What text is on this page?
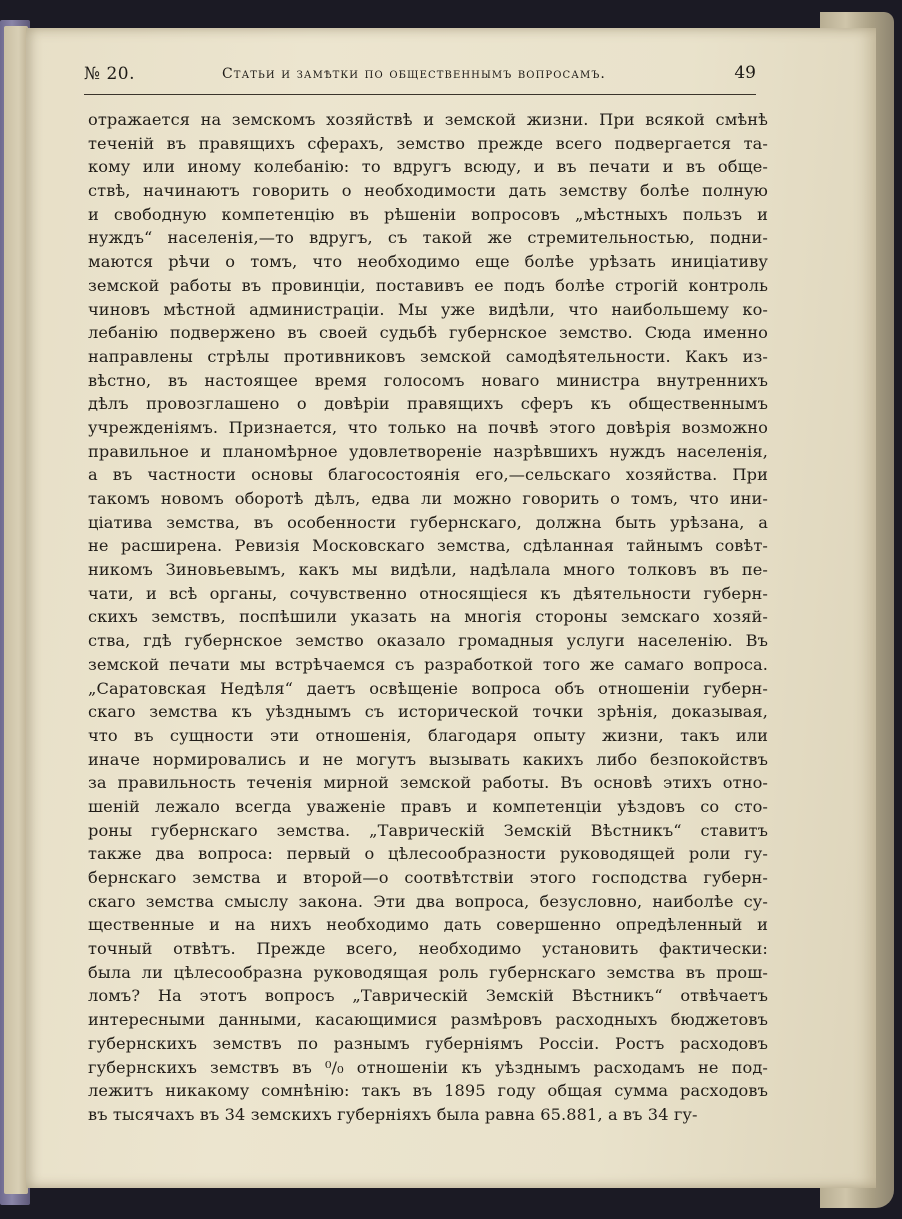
№ 20.	Статьи и замѣтки по общественнымъ вопросамъ.	49
отражается на земскомъ хозяйствѣ и земской жизни. При всякой смѣнѣ
теченій въ правящихъ сферахъ, земство прежде всего подвергается та-
кому или иному колебанію: то вдругъ всюду, и въ печати и въ обще-
ствѣ, начинаютъ говорить о необходимости дать земству болѣе полную
и свободную компетенцію въ рѣшеніи вопросовъ „мѣстныхъ пользъ и
нуждъ“ населенія,—то вдругъ, съ такой же стремительностью, подни-
маются рѣчи о томъ, что необходимо еще болѣе урѣзать иниціативу
земской работы въ провинціи, поставивъ ее подъ болѣе строгій контроль
чиновъ мѣстной администраціи. Мы уже видѣли, что наибольшему ко-
лебанію подвержено въ своей судьбѣ губернское земство. Сюда именно
направлены стрѣлы противниковъ земской самодѣятельности. Какъ из-
вѣстно, въ настоящее время голосомъ новаго министра внутреннихъ
дѣлъ провозглашено о довѣріи правящихъ сферъ къ общественнымъ
учрежденіямъ. Признается, что только на почвѣ этого довѣрія возможно
правильное и планомѣрное удовлетвореніе назрѣвшихъ нуждъ населенія,
а въ частности основы благосостоянія его,—сельскаго хозяйства. При
такомъ новомъ оборотѣ дѣлъ, едва ли можно говорить о томъ, что ини-
ціатива земства, въ особенности губернскаго, должна быть урѣзана, а
не расширена. Ревизія Московскаго земства, сдѣланная тайнымъ совѣт-
никомъ Зиновьевымъ, какъ мы видѣли, надѣлала много толковъ въ пе-
чати, и всѣ органы, сочувственно относящіеся къ дѣятельности губерн-
скихъ земствъ, поспѣшили указать на многія стороны земскаго хозяй-
ства, гдѣ губернское земство оказало громадныя услуги населенію. Въ
земской печати мы встрѣчаемся съ разработкой того же самаго вопроса.
„Саратовская Недѣля“ даетъ освѣщеніе вопроса объ отношеніи губерн-
скаго земства къ уѣзднымъ съ исторической точки зрѣнія, доказывая,
что въ сущности эти отношенія, благодаря опыту жизни, такъ или
иначе нормировались и не могутъ вызывать какихъ либо безпокойствъ
за правильность теченія мирной земской работы. Въ основѣ этихъ отно-
шеній лежало всегда уваженіе правъ и компетенціи уѣздовъ со сто-
роны губернскаго земства. „Таврическій Земскій Вѣстникъ“ ставитъ
также два вопроса: первый о цѣлесообразности руководящей роли гу-
бернскаго земства и второй—о соотвѣтствіи этого господства губерн-
скаго земства смыслу закона. Эти два вопроса, безусловно, наиболѣе су-
щественные и на нихъ необходимо дать совершенно опредѣленный и
точный отвѣтъ. Прежде всего, необходимо установить фактически:
была ли цѣлесообразна руководящая роль губернскаго земства въ прош-
ломъ? На этотъ вопросъ „Таврическій Земскій Вѣстникъ“ отвѣчаетъ
интересными данными, касающимися размѣровъ расходныхъ бюджетовъ
губернскихъ земствъ по разнымъ губерніямъ Россіи. Ростъ расходовъ
губернскихъ земствъ въ ⁰/₀ отношеніи къ уѣзднымъ расходамъ не под-
лежитъ никакому сомнѣнію: такъ въ 1895 году общая сумма расходовъ
въ тысячахъ въ 34 земскихъ губерніяхъ была равна 65.881, а въ 34 гу-
